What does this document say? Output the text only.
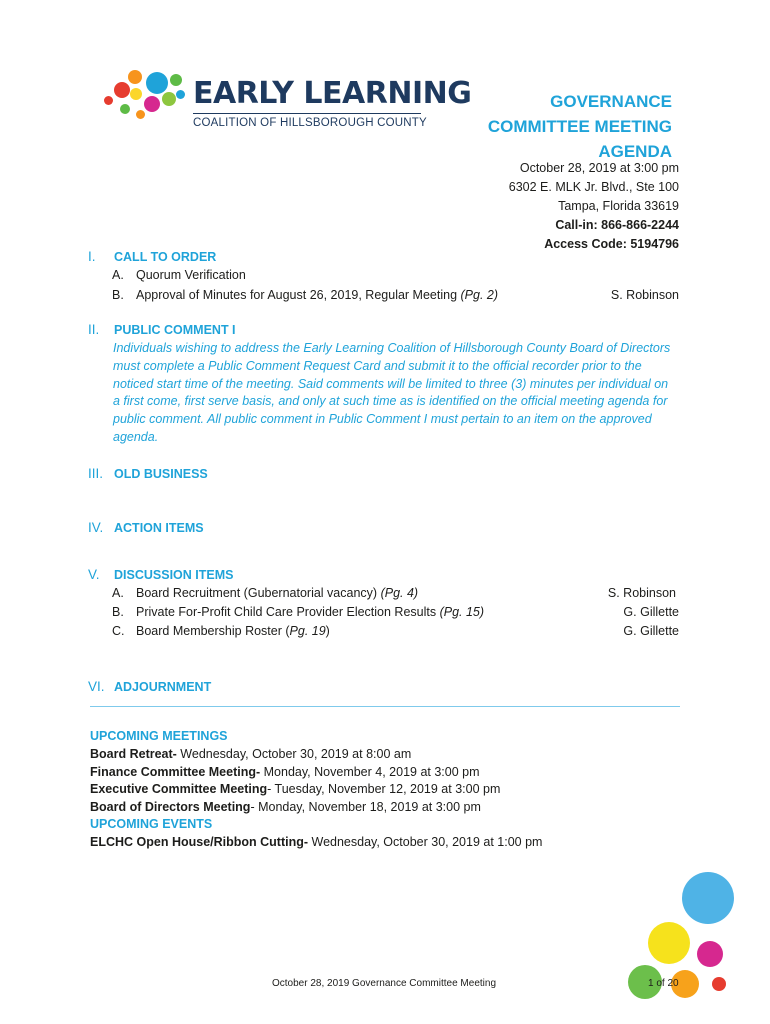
EARLY LEARNING
COALITION OF HILLSBOROUGH COUNTY
GOVERNANCE
COMMITTEE MEETING
AGENDA
October 28, 2019 at 3:00 pm
6302 E. MLK Jr. Blvd., Ste 100
Tampa, Florida 33619
Call-in: 866-866-2244
Access Code: 5194796
I. CALL TO ORDER
A. Quorum Verification
B. Approval of Minutes for August 26, 2019, Regular Meeting (Pg. 2)	S. Robinson
II. PUBLIC COMMENT I
Individuals wishing to address the Early Learning Coalition of Hillsborough County Board of Directors must complete a Public Comment Request Card and submit it to the official recorder prior to the noticed start time of the meeting. Said comments will be limited to three (3) minutes per individual on a first come, first serve basis, and only at such time as is identified on the official meeting agenda for public comment. All public comment in Public Comment I must pertain to an item on the approved agenda.
III. OLD BUSINESS
IV. ACTION ITEMS
V. DISCUSSION ITEMS
A. Board Recruitment (Gubernatorial vacancy) (Pg. 4)	S. Robinson
B. Private For-Profit Child Care Provider Election Results (Pg. 15)	G. Gillette
C. Board Membership Roster (Pg. 19)	G. Gillette
VI. ADJOURNMENT
UPCOMING MEETINGS
Board Retreat- Wednesday, October 30, 2019 at 8:00 am
Finance Committee Meeting- Monday, November 4, 2019 at 3:00 pm
Executive Committee Meeting- Tuesday, November 12, 2019 at 3:00 pm
Board of Directors Meeting- Monday, November 18, 2019 at 3:00 pm
UPCOMING EVENTS
ELCHC Open House/Ribbon Cutting- Wednesday, October 30, 2019 at 1:00 pm
October 28, 2019 Governance Committee Meeting	1 of 20
